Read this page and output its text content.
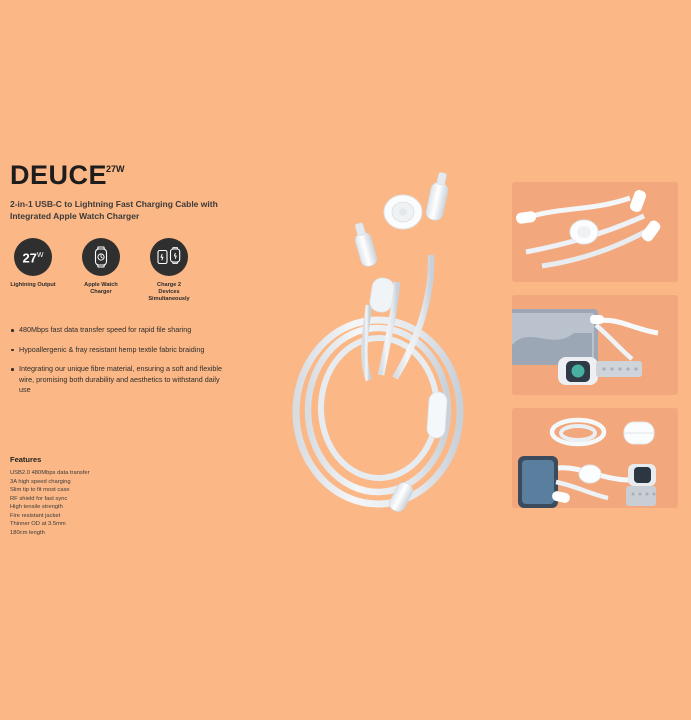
DEUCE
27W
2-in-1 USB-C to Lightning Fast Charging Cable with Integrated Apple Watch Charger
$27^W$
Lightning Output	Apple Watch Charger
Charge 2 Devices Simultaneously
480Mbps fast data transfer speed for rapid file sharing
Hypoallergenic & fray resistant hemp textile fabric braiding
Integrating our unique fibre material, ensuring a soft and flexible wire, promising both durability and aesthetics to withstand daily use
Features
USB2.0 480Mbps data transfer
3A high speed charging
Slim tip to fit most case
RF shield for fast sync
High tensile strength
Fire resistant jacket
Thinner OD at 3.5mm
180cm length
